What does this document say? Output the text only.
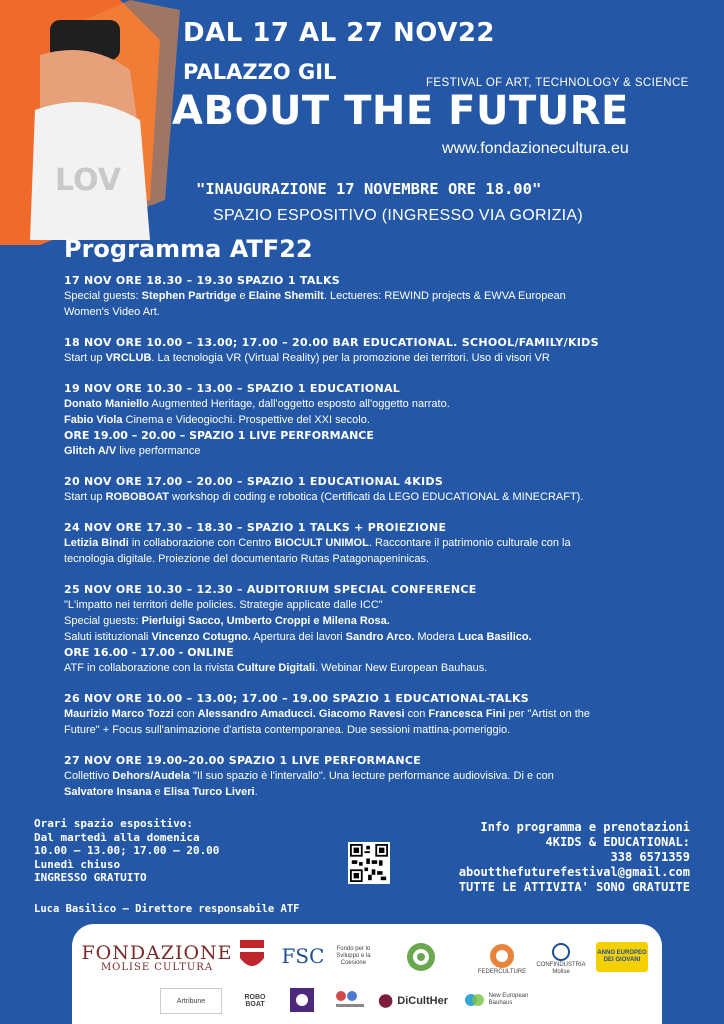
LOV
DAL 17 AL 27 NOV22
PALAZZO GIL	FESTIVAL OF ART, TECHNOLOGY & SCIENCE
ABOUT THE FUTURE
www.fondazionecultura.eu
"INAUGURAZIONE 17 NOVEMBRE ORE 18.00"
SPAZIO ESPOSITIVO (INGRESSO VIA GORIZIA)
Programma ATF22
17 NOV ORE 18.30 – 19.30 SPAZIO 1 TALKS
Special guests: Stephen Partridge e Elaine Shemilt. Lectueres: REWIND projects & EWVA European
Women's Video Art.
18 NOV ORE 10.00 – 13.00; 17.00 – 20.00 BAR EDUCATIONAL. SCHOOL/FAMILY/KIDS
Start up VRCLUB. La tecnologia VR (Virtual Reality) per la promozione dei territori. Uso di visori VR
19 NOV ORE 10.30 – 13.00 – SPAZIO 1 EDUCATIONAL
Donato Maniello Augmented Heritage, dall'oggetto esposto all'oggetto narrato.
Fabio Viola Cinema e Videogiochi. Prospettive del XXI secolo.
ORE 19.00 – 20.00 – SPAZIO 1 LIVE PERFORMANCE
Glitch A/V live performance
20 NOV ORE 17.00 – 20.00 – SPAZIO 1 EDUCATIONAL 4KIDS
Start up ROBOBOAT workshop di coding e robotica (Certificati da LEGO EDUCATIONAL & MINECRAFT).
24 NOV ORE 17.30 – 18.30 – SPAZIO 1 TALKS + PROIEZIONE
Letizia Bindi in collaborazione con Centro BIOCULT UNIMOL. Raccontare il patrimonio culturale con la
tecnologia digitale. Proiezione del documentario Rutas Patagonapeninicas.
25 NOV ORE 10.30 – 12.30 – AUDITORIUM SPECIAL CONFERENCE
"L'impatto nei territori delle policies. Strategie applicate dalle ICC"
Special guests: Pierluigi Sacco, Umberto Croppi e Milena Rosa.
Saluti istituzionali Vincenzo Cotugno. Apertura dei lavori Sandro Arco. Modera Luca Basilico.
ORE 16.00 - 17.00 - ONLINE
ATF in collaborazione con la rivista Culture Digitali. Webinar New European Bauhaus.
26 NOV ORE 10.00 – 13.00; 17.00 – 19.00 SPAZIO 1 EDUCATIONAL-TALKS
Maurizio Marco Tozzi con Alessandro Amaducci. Giacomo Ravesi con Francesca Fini per "Artist on the
Future" + Focus sull'animazione d'artista contemporanea. Due sessioni mattina-pomeriggio.
27 NOV ORE 19.00–20.00 SPAZIO 1 LIVE PERFORMANCE
Collettivo Dehors/Audela "Il suo spazio è l'intervallo". Una lecture performance audiovisiva. Di e con
Salvatore Insana e Elisa Turco Liveri.
Orari spazio espositivo:
Dal martedì alla domenica
10.00 – 13.00; 17.00 – 20.00
Lunedì chiuso
INGRESSO GRATUITO
Luca Basilico – Direttore responsabile ATF
Info programma e prenotazioni
4KIDS & EDUCATIONAL:
338 6571359
aboutthefuturefestival@gmail.com
TUTTE LE ATTIVITA' SONO GRATUITE
FONDAZIONE
MOLISE CULTURA	FSC	Fondo per lo Sviluppo e la Coesione
FEDERCULTURE
CONFINDUSTRIA
Molise
ANNO EUROPEO DEI GIOVANI
Artribune	ROBO BOAT	DiCultHer	New European
Bauhaus
